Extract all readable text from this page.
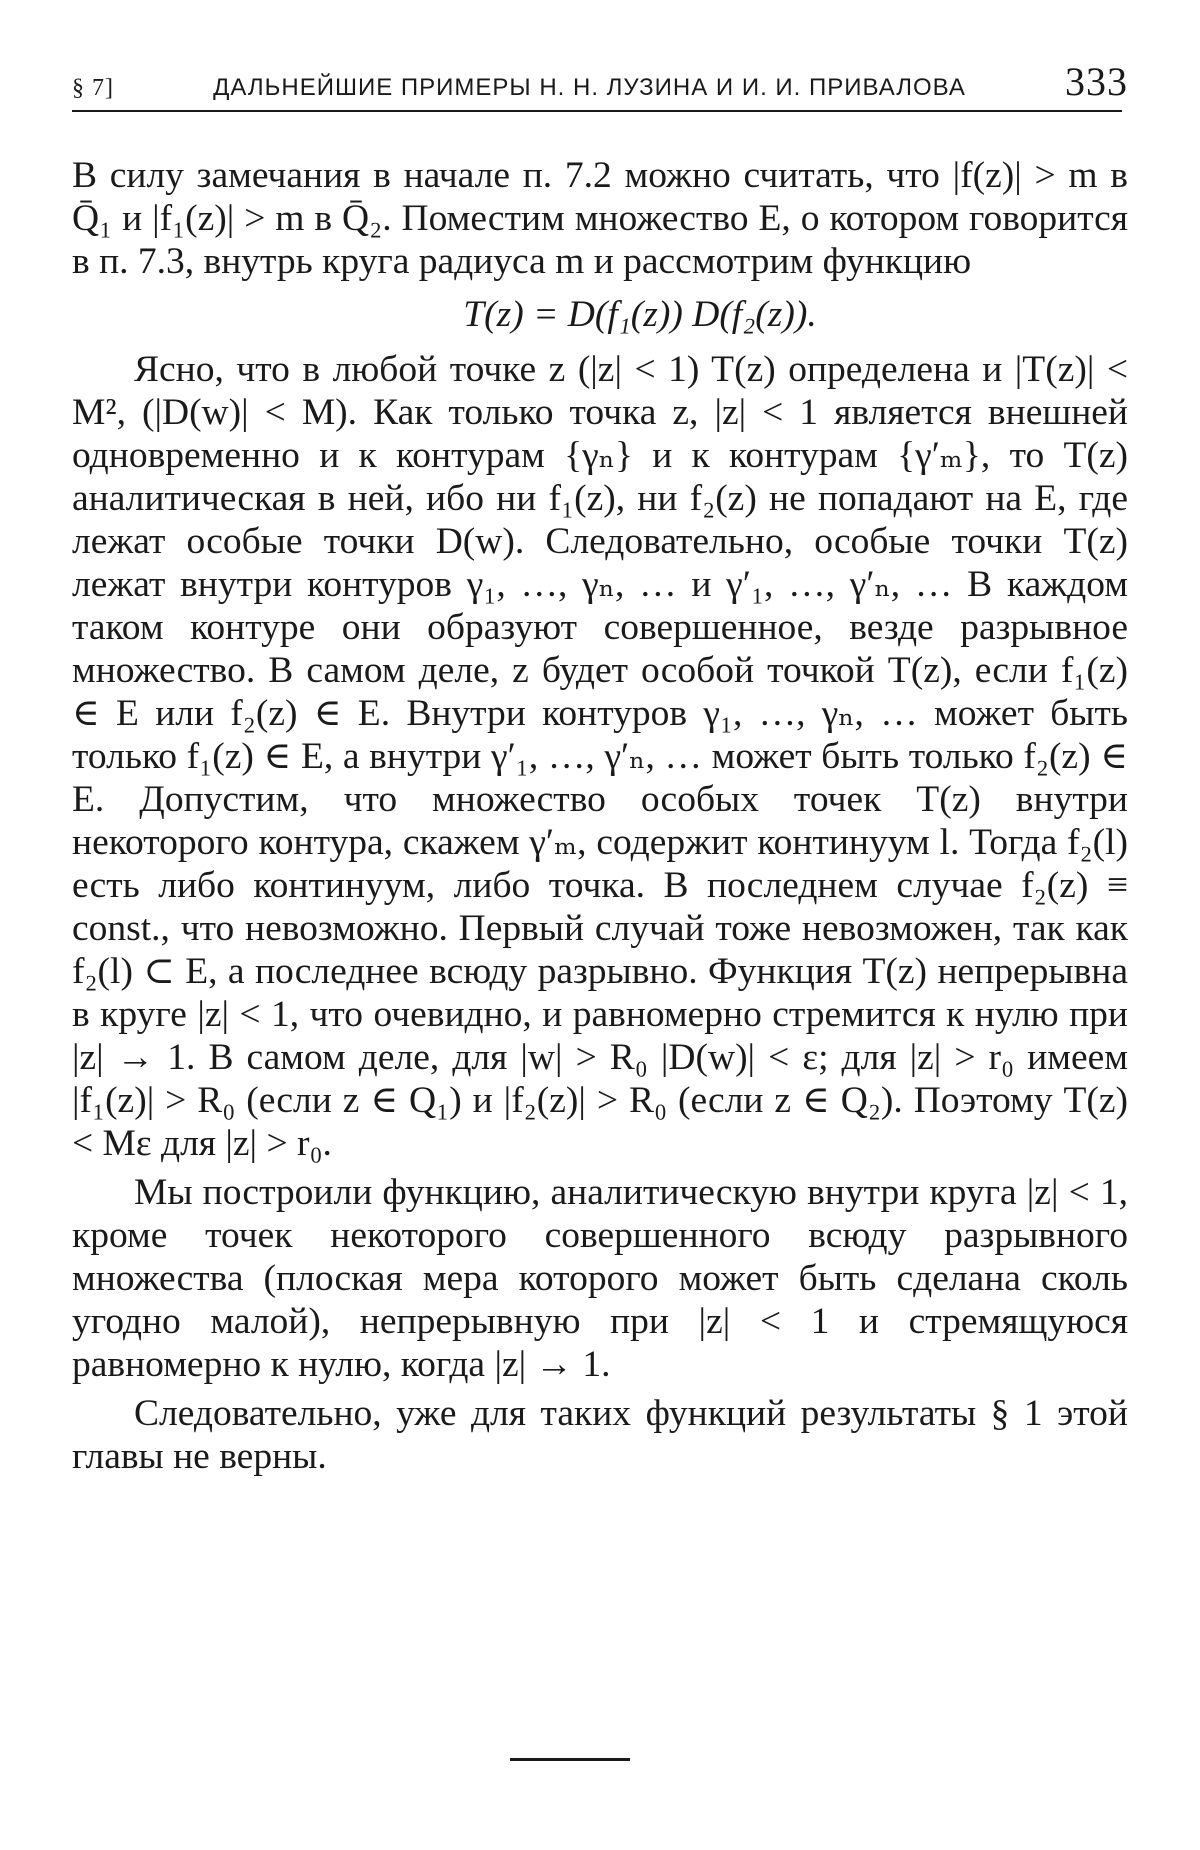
§ 7]	ДАЛЬНЕЙШИЕ ПРИМЕРЫ Н. Н. ЛУЗИНА И И. И. ПРИВАЛОВА	333

В силу замечания в начале п. 7.2 можно считать, что |f(z)| > m в Q̄₁ и |f₁(z)| > m в Q̄₂. Поместим множество E, о котором говорится в п. 7.3, внутрь круга радиуса m и рассмотрим функцию

T(z) = D(f₁(z)) D(f₂(z)).

Ясно, что в любой точке z (|z| < 1) T(z) определена и |T(z)| < M², (|D(w)| < M). Как только точка z, |z| < 1 является внешней одновременно и к контурам {γₙ} и к контурам {γ′ₘ}, то T(z) аналитическая в ней, ибо ни f₁(z), ни f₂(z) не попадают на E, где лежат особые точки D(w). Следовательно, особые точки T(z) лежат внутри контуров γ₁, …, γₙ, … и γ′₁, …, γ′ₙ, … В каждом таком контуре они образуют совершенное, везде разрывное множество. В самом деле, z будет особой точкой T(z), если f₁(z) ∈ E или f₂(z) ∈ E. Внутри контуров γ₁, …, γₙ, … может быть только f₁(z) ∈ E, а внутри γ′₁, …, γ′ₙ, … может быть только f₂(z) ∈ E. Допустим, что множество особых точек T(z) внутри некоторого контура, скажем γ′ₘ, содержит континуум l. Тогда f₂(l) есть либо континуум, либо точка. В последнем случае f₂(z) ≡ const., что невозможно. Первый случай тоже невозможен, так как f₂(l) ⊂ E, а последнее всюду разрывно. Функция T(z) непрерывна в круге |z| < 1, что очевидно, и равномерно стремится к нулю при |z| → 1. В самом деле, для |w| > R₀ |D(w)| < ε; для |z| > r₀ имеем |f₁(z)| > R₀ (если z ∈ Q₁) и |f₂(z)| > R₀ (если z ∈ Q₂). Поэтому T(z) < Mε для |z| > r₀.

Мы построили функцию, аналитическую внутри круга |z| < 1, кроме точек некоторого совершенного всюду разрывного множества (плоская мера которого может быть сделана сколь угодно малой), непрерывную при |z| < 1 и стремящуюся равномерно к нулю, когда |z| → 1.

Следовательно, уже для таких функций результаты § 1 этой главы не верны.
